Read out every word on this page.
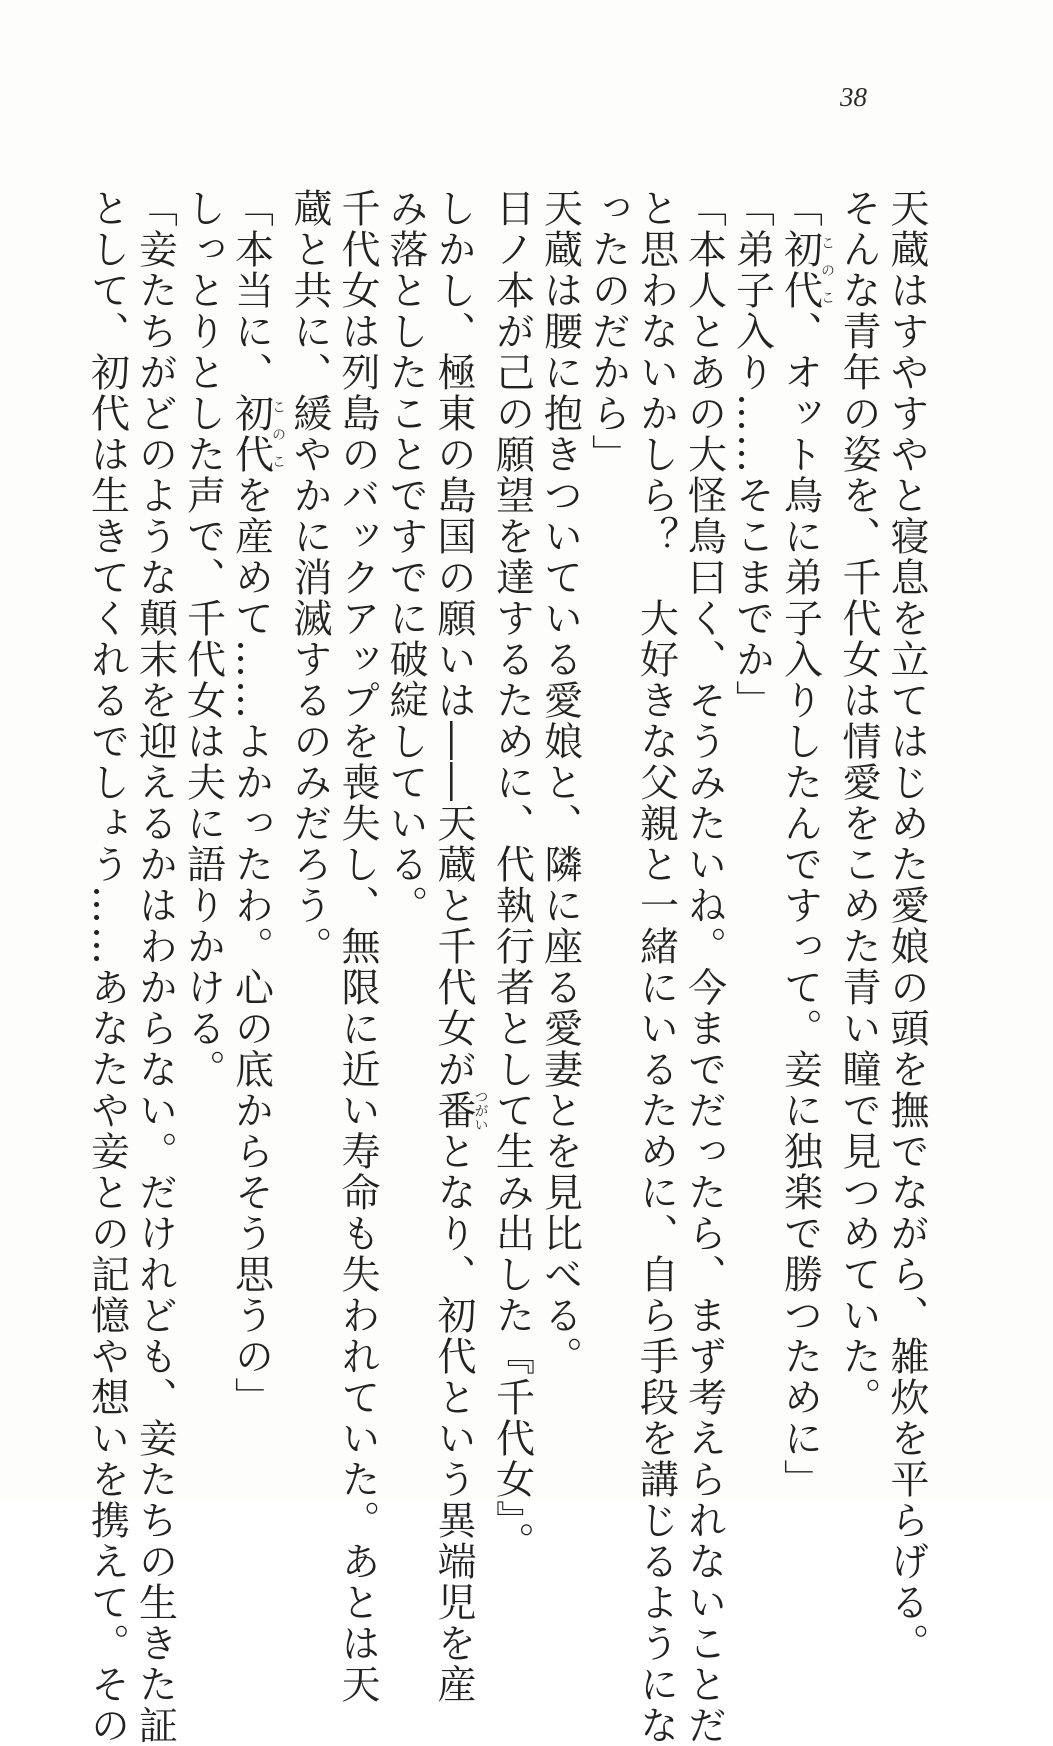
38
天蔵はすやすやと寝息を立てはじめた愛娘の頭を撫でながら、雑炊を平らげる。
そんな青年の姿を、千代女は情愛をこめた青い瞳で見つめていた。
「初代このこ、オット鳥に弟子入りしたんですって。妾に独楽で勝つために」
「弟子入り……そこまでか」
「本人とあの大怪鳥曰く、そうみたいね。今までだったら、まず考えられないことだ
と思わないかしら？　大好きな父親と一緒にいるために、自ら手段を講じるようにな
ったのだから」
天蔵は腰に抱きついている愛娘と、隣に座る愛妻とを見比べる。
日ノ本が己の願望を達するために、代執行者として生み出した『千代女』。
しかし、極東の島国の願いは――天蔵と千代女が番つがいとなり、初代という異端児を産
み落としたことですでに破綻している。
千代女は列島のバックアップを喪失し、無限に近い寿命も失われていた。あとは天
蔵と共に、緩やかに消滅するのみだろう。
「本当に、初代このこを産めて……よかったわ。心の底からそう思うの」
しっとりとした声で、千代女は夫に語りかける。
「妾たちがどのような顛末を迎えるかはわからない。だけれども、妾たちの生きた証
として、初代は生きてくれるでしょう……あなたや妾との記憶や想いを携えて。その
